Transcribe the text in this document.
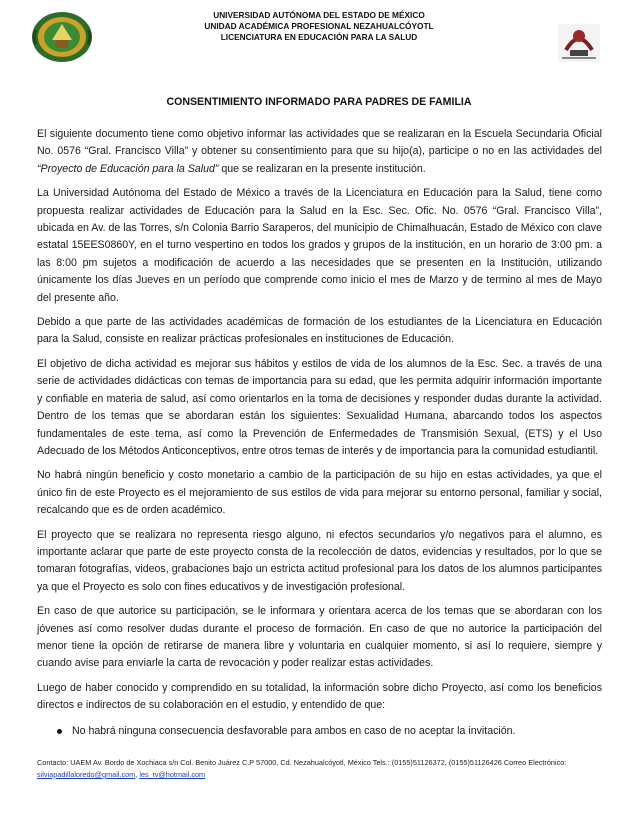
UNIVERSIDAD AUTÓNOMA DEL ESTADO DE MÉXICO
UNIDAD ACADÉMICA PROFESIONAL NEZAHUALCÓYOTL
LICENCIATURA EN EDUCACIÓN PARA LA SALUD
CONSENTIMIENTO INFORMADO PARA PADRES DE FAMILIA

El siguiente documento tiene como objetivo informar las actividades que se realizaran en la Escuela Secundaria Oficial No. 0576 “Gral. Francisco Villa” y obtener su consentimiento para que su hijo(a), participe o no en las actividades del “Proyecto de Educación para la Salud” que se realizaran en la presente institución.

La Universidad Autónoma del Estado de México a través de la Licenciatura en Educación para la Salud, tiene como propuesta realizar actividades de Educación para la Salud en la Esc. Sec. Ofic. No. 0576 “Gral. Francisco Villa”, ubicada en Av. de las Torres, s/n Colonia Barrio Saraperos, del municipio de Chimalhuacán, Estado de México con clave estatal 15EES0860Y, en el turno vespertino en todos los grados y grupos de la institución, en un horario de 3:00 pm. a las 8:00 pm sujetos a modificación de acuerdo a las necesidades que se presenten en la Institución, utilizando únicamente los días Jueves en un período que comprende como inicio el mes de Marzo y de termino al mes de Mayo del presente año.

Debido a que parte de las actividades académicas de formación de los estudiantes de la Licenciatura en Educación para la Salud, consiste en realizar prácticas profesionales en instituciones de Educación.

El objetivo de dicha actividad es mejorar sus hábitos y estilos de vida de los alumnos de la Esc. Sec. a través de una serie de actividades didácticas con temas de importancia para su edad, que les permita adquirir información importante y confiable en materia de salud, así como orientarlos en la toma de decisiones y responder dudas durante la actividad. Dentro de los temas que se abordaran están los siguientes: Sexualidad Humana, abarcando todos los aspectos fundamentales de este tema, así como la Prevención de Enfermedades de Transmisión Sexual, (ETS) y el Uso Adecuado de los Métodos Anticonceptivos, entre otros temas de interés y de importancia para la comunidad estudiantil.

No habrá ningún beneficio y costo monetario a cambio de la participación de su hijo en estas actividades, ya que el único fin de este Proyecto es el mejoramiento de sus estilos de vida para mejorar su entorno personal, familiar y social, recalcando que es de orden académico.

El proyecto que se realizara no representa riesgo alguno, ni efectos secundarios y/o negativos para el alumno, es importante aclarar que parte de este proyecto consta de la recolección de datos, evidencias y resultados, por lo que se tomaran fotografías, videos, grabaciones bajo un estricta actitud profesional para los datos de los alumnos participantes ya que el Proyecto es solo con fines educativos y de investigación profesional.

En caso de que autorice su participación, se le informara y orientara acerca de los temas que se abordaran con los jóvenes así como resolver dudas durante el proceso de formación. En caso de que no autorice la participación del menor tiene la opción de retirarse de manera libre y voluntaria en cualquier momento, si así lo requiere, siempre y cuando avise para enviarle la carta de revocación y poder realizar estas actividades.

Luego de haber conocido y comprendido en su totalidad, la información sobre dicho Proyecto, así como los beneficios directos e indirectos de su colaboración en el estudio, y entendido de que:

No habrá ninguna consecuencia desfavorable para ambos en caso de no aceptar la invitación.
Contacto: UAEM Av. Bordo de Xochiaca s/n Col. Benito Juárez C.P 57000, Cd. Nezahualcóyotl, México Tels.: (0155)51126372, (0155)51126426 Correo Electrónico:
silviapadillaloredo@gmail.com, les_tv@hotmail.com
